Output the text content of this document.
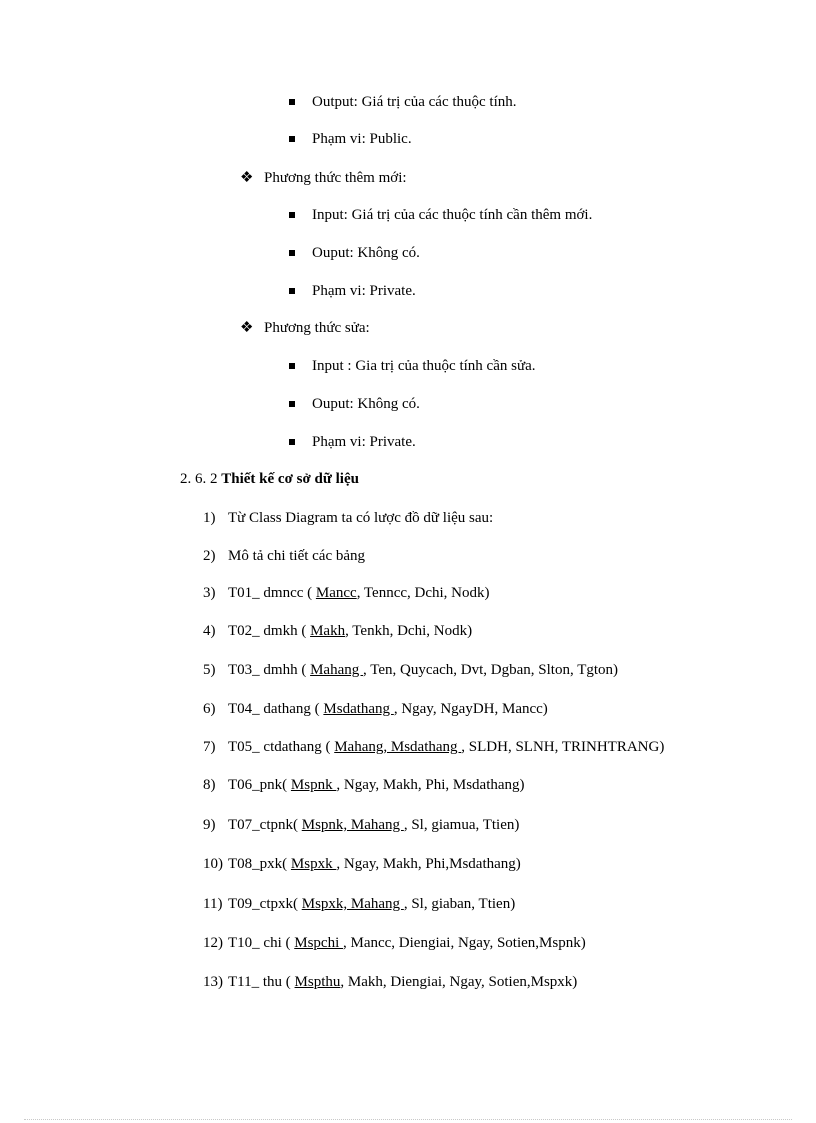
Output: Giá trị của các thuộc tính.
Phạm vi: Public.
❖ Phương thức thêm mới:
Input: Giá trị của các thuộc tính cần thêm mới.
Ouput: Không có.
Phạm vi: Private.
❖ Phương thức sửa:
Input : Gia trị của thuộc tính cần sửa.
Ouput: Không có.
Phạm vi: Private.
2. 6. 2 Thiết kế cơ sở dữ liệu
1) Từ Class Diagram ta có lược đồ dữ liệu sau:
2) Mô tả chi tiết các bảng
3) T01_ dmncc ( Mancc, Tenncc, Dchi, Nodk)
4) T02_ dmkh ( Makh, Tenkh, Dchi, Nodk)
5) T03_ dmhh ( Mahang , Ten, Quycach, Dvt, Dgban, Slton, Tgton)
6) T04_ dathang ( Msdathang , Ngay, NgayDH, Mancc)
7) T05_ ctdathang ( Mahang, Msdathang , SLDH, SLNH, TRINHTRANG)
8) T06_pnk( Mspnk , Ngay, Makh, Phi, Msdathang)
9) T07_ctpnk( Mspnk, Mahang , Sl, giamua, Ttien)
10) T08_pxk( Mspxk , Ngay, Makh, Phi,Msdathang)
11) T09_ctpxk( Mspxk, Mahang , Sl, giaban, Ttien)
12) T10_ chi ( Mspchi , Mancc, Diengiai, Ngay, Sotien,Mspnk)
13) T11_ thu ( Mspthu, Makh, Diengiai, Ngay, Sotien,Mspxk)
